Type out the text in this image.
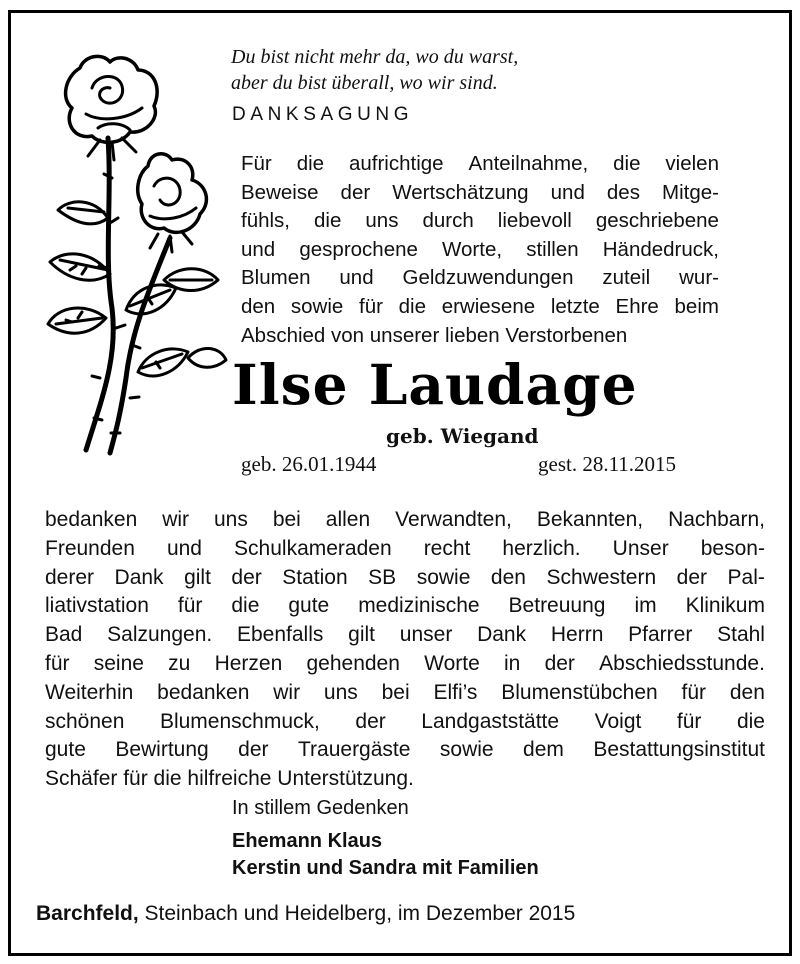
Du bist nicht mehr da, wo du warst,

aber du bist überall, wo wir sind.

DANKSAGUNG

Für die aufrichtige Anteilnahme, die vielen
Beweise der Wertschätzung und des Mitge-
fühls, die uns durch liebevoll geschriebene
und gesprochene Worte, stillen Händedruck,
Blumen und Geldzuwendungen zuteil wur-
den sowie für die erwiesene letzte Ehre beim
Abschied von unserer lieben Verstorbenen

Ilse Laudage

geb. Wiegand

geb. 26.01.1944	gest. 28.11.2015

bedanken wir uns bei allen Verwandten, Bekannten, Nachbarn,
Freunden und Schulkameraden recht herzlich. Unser beson-
derer Dank gilt der Station SB sowie den Schwestern der Pal-
liativstation für die gute medizinische Betreuung im Klinikum
Bad Salzungen. Ebenfalls gilt unser Dank Herrn Pfarrer Stahl
für seine zu Herzen gehenden Worte in der Abschiedsstunde.
Weiterhin bedanken wir uns bei Elfi’s Blumenstübchen für den
schönen Blumenschmuck, der Landgaststätte Voigt für die
gute Bewirtung der Trauergäste sowie dem Bestattungsinstitut
Schäfer für die hilfreiche Unterstützung.

In stillem Gedenken

Ehemann Klaus

Kerstin und Sandra mit Familien

Barchfeld, Steinbach und Heidelberg, im Dezember 2015
